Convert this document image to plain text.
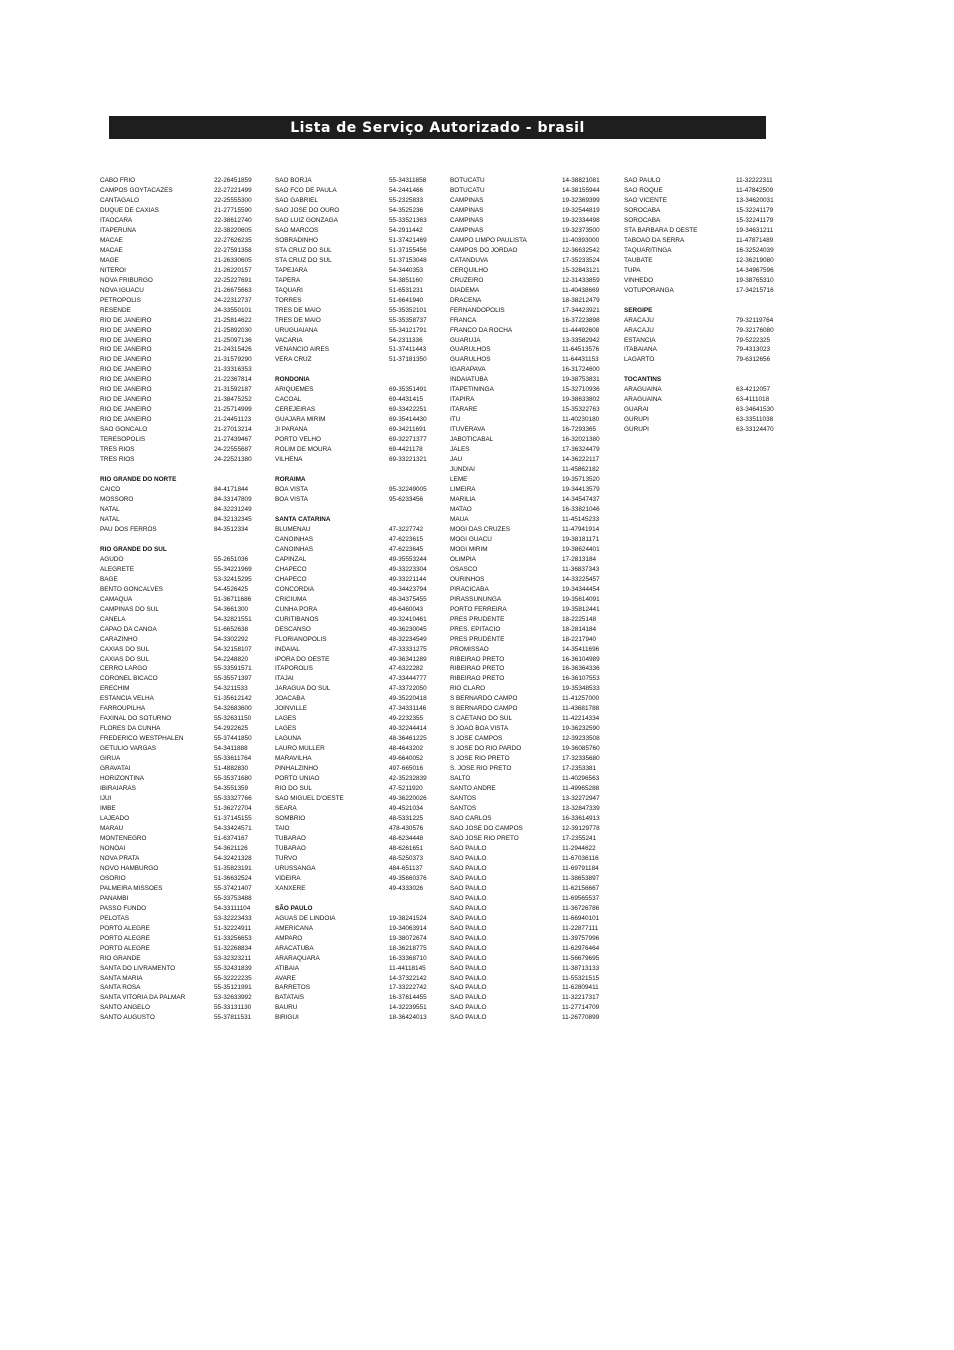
Lista de Serviço Autorizado - brasil
CABO FRIO	22-26451859
CAMPOS GOYTACAZES	22-27221499
CANTAGALO	22-25555300
DUQUE DE CAXIAS	21-27715590
ITAOCARA	22-38612740
ITAPERUNA	22-38220605
MACAE	22-27626235
MACAE	22-27591358
MAGE	21-26330605
NITEROI	21-26220157
NOVA FRIBURGO	22-25227691
NOVA IGUACU	21-26675663
PETROPOLIS	24-22312737
RESENDE	24-33550101
RIO DE JANEIRO	21-25814622
RIO DE JANEIRO	21-25892030
RIO DE JANEIRO	21-25097136
RIO DE JANEIRO	21-24315426
RIO DE JANEIRO	21-31579290
RIO DE JANEIRO	21-33316353
RIO DE JANEIRO	21-22367814
RIO DE JANEIRO	21-31592187
RIO DE JANEIRO	21-38475252
RIO DE JANEIRO	21-25714999
RIO DE JANEIRO	21-24451123
SAO GONCALO	21-27013214
TERESOPOLIS	21-27439467
TRES RIOS	24-22555687
TRES RIOS	24-22521380
RIO GRANDE DO NORTE
CAICO	84-4171844
MOSSORO	84-33147809
NATAL	84-32231249
NATAL	84-32132345
PAU DOS FERROS	84-3512334
RIO GRANDE DO SUL
AGUDO	55-2651036
ALEGRETE	55-34221969
BAGE	53-32415295
BENTO GONCALVES	54-4526425
CAMAQUA	51-36711686
CAMPINAS DO SUL	54-3661300
CANELA	54-32821551
CAPAO DA CANOA	51-6652638
CARAZINHO	54-3302292
CAXIAS DO SUL	54-32158107
CAXIAS DO SUL	54-2248820
CERRO LARGO	55-33591571
CORONEL BICACO	55-35571397
ERECHIM	54-3211533
ESTANCIA VELHA	51-35612142
FARROUPILHA	54-32683600
FAXINAL DO SOTURNO	55-32631150
FLORES DA CUNHA	54-2922625
FREDERICO WESTPHALEN	55-37441850
GETULIO VARGAS	54-3411888
GIRUA	55-33611764
GRAVATAI	51-4882830
HORIZONTINA	55-35371680
IBIRAIARAS	54-3551359
IJUI	55-33327766
IMBE	51-36272704
LAJEADO	51-37145155
MARAU	54-33424571
MONTENEGRO	51-6374167
NONOAI	54-3621126
NOVA PRATA	54-32421328
NOVO HAMBURGO	51-35823191
OSORIO	51-36632524
PALMEIRA MISSOES	55-37421407
PANAMBI	55-33753488
PASSO FUNDO	54-33111104
PELOTAS	53-32223433
PORTO ALEGRE	51-32224911
PORTO ALEGRE	51-33256653
PORTO ALEGRE	51-32268834
RIO GRANDE	53-32323211
SANTA DO LIVRAMENTO	55-32431839
SANTA MARIA	55-32222235
SANTA ROSA	55-35121991
SANTA VITORIA DA PALMAR	53-32633992
SANTO ANGELO	55-33131130
SANTO AUGUSTO	55-37811531
SAO BORJA	55-34311858
SAO FCO DE PAULA	54-2441466
SAO GABRIEL	55-2325833
SAO JOSE DO OURO	54-3525236
SAO LUIZ GONZAGA	55-33521363
SAO MARCOS	54-2911442
SOBRADINHO	51-37421469
STA CRUZ DO SUL	51-37155456
STA CRUZ DO SUL	51-37153048
TAPEJARA	54-3440353
TAPERA	54-3851160
TAQUARI	51-6531231
TORRES	51-6641940
TRES DE MAIO	55-35352101
TRES DE MAIO	55-35358737
URUGUAIANA	55-34121791
VACARIA	54-2311336
VENANCIO AIRES	51-37411443
VERA CRUZ	51-37181350
RONDONIA
ARIQUEMES	69-35351491
CACOAL	69-4431415
CEREJEIRAS	69-33422251
GUAJARA MIRIM	69-35414430
JI PARANA	69-34211691
PORTO VELHO	69-32271377
ROLIM DE MOURA	69-4421178
VILHENA	69-33221321
RORAIMA
BOA VISTA	95-32249005
BOA VISTA	95-6233456
SANTA CATARINA
BLUMENAU	47-3227742
CANOINHAS	47-6223615
CANOINHAS	47-6223645
CAPINZAL	49-35553244
CHAPECO	49-33223304
CHAPECO	49-33221144
CONCORDIA	49-34423794
CRICIUMA	48-34375455
CUNHA PORA	49-6460043
CURITIBANOS	49-32410461
DESCANSO	49-36230045
FLORIANOPOLIS	48-32234549
INDAIAL	47-33331275
IPORA DO OESTE	49-36341289
ITAPOROLIS	47-6322282
ITAJAI	47-33444777
JARAGUA DO SUL	47-33722050
JOACABA	49-35220418
JOINVILLE	47-34331146
LAGES	49-2232355
LAGES	49-32244414
LAGUNA	48-36461225
LAURO MULLER	48-4643202
MARAVILHA	49-6640052
PINHALZINHO	497-665016
PORTO UNIAO	42-35232839
RIO DO SUL	47-5211920
SAO MIGUEL D'OESTE	49-36220026
SEARA	49-4521034
SOMBRIO	48-5331225
TAIO	478-430576
TUBARAO	48-6234448
TUBARAO	48-6261651
TURVO	48-5250373
URUSSANGA	484-651137
VIDEIRA	49-35660376
XANXERE	49-4333026
SÃO PAULO
AGUAS DE LINDOIA	19-38241524
AMERICANA	19-34063914
AMPARO	19-38072674
ARACATUBA	18-36218775
ARARAQUARA	16-33368710
ATIBAIA	11-44118145
AVARE	14-37322142
BARRETOS	17-33222742
BATATAIS	16-37614455
BAURU	14-32239551
BIRIGUI	18-36424013
BOTUCATU	14-38821081
BOTUCATU	14-38155944
CAMPINAS	19-32369399
CAMPINAS	19-32544819
CAMPINAS	19-32334498
CAMPINAS	19-32373500
CAMPO LIMPO PAULISTA	11-40393000
CAMPOS DO JORDAO	12-36632542
CATANDUVA	17-35233524
CERQUILHO	15-32843121
CRUZEIRO	12-31433859
DIADEMA	11-40438669
DRACENA	18-38212479
FERNANDOPOLIS	17-34423921
FRANCA	16-37223898
FRANCO DA ROCHA	11-44492608
GUARUJA	13-33582942
GUARULHOS	11-64513576
GUARULHOS	11-64431153
IGARAPAVA	16-31724600
INDAIATUBA	19-38753831
ITAPETININGA	15-32710936
ITAPIRA	19-38633802
ITARARE	15-35322763
ITU	11-40230180
ITUVERAVA	16-7293365
JABOTICABAL	16-32021380
JALES	17-36324479
JAU	14-36222117
JUNDIAI	11-45862182
LEME	19-35713520
LIMEIRA	19-34413579
MARILIA	14-34547437
MATAO	16-33821046
MAUA	11-45145233
MOGI DAS CRUZES	11-47941914
MOGI GUACU	19-38181171
MOGI MIRIM	19-38624401
OLIMPIA	17-2813184
OSASCO	11-36837343
OURINHOS	14-33225457
PIRACICABA	19-34344454
PIRASSUNUNGA	19-35614091
PORTO FERREIRA	19-35812441
PRES PRUDENTE	18-2225148
PRES. EPITACIO	18-2814184
PRES PRUDENTE	18-2217940
PROMISSAO	14-35411696
RIBEIRAO PRETO	16-36104989
RIBEIRAO PRETO	16-36364336
RIBEIRAO PRETO	16-36107553
RIO CLARO	19-35348533
S BERNARDO CAMPO	11-41257000
S BERNARDO CAMPO	11-43681788
S CAETANO DO SUL	11-42214334
S JOAO BOA VISTA	19-36232590
S JOSE CAMPOS	12-39233508
S JOSE DO RIO PARDO	19-36085760
S JOSE RIO PRETO	17-32335680
S. JOSE RIO PRETO	17-2353381
SALTO	11-40296563
SANTO ANDRE	11-49965288
SANTOS	13-32272947
SANTOS	13-32847339
SAO CARLOS	16-33614913
SAO JOSE DO CAMPOS	12-39129778
SAO JOSE RIO PRETO	17-2355241
SAO PAULO	11-2944622
SAO PAULO	11-67036116
SAO PAULO	11-69791184
SAO PAULO	11-38653897
SAO PAULO	11-62156667
SAO PAULO	11-69565537
SAO PAULO	11-36726786
SAO PAULO	11-66940101
SAO PAULO	11-22877111
SAO PAULO	11-39757996
SAO PAULO	11-62976464
SAO PAULO	11-56679695
SAO PAULO	11-38713133
SAO PAULO	11-55321515
SAO PAULO	11-62809411
SAO PAULO	11-32217317
SAO PAULO	11-27714709
SAO PAULO	11-26770899
SAO PAULO	11-32222311
SAO ROQUE	11-47842509
SAO VICENTE	13-34620031
SOROCABA	15-32241179
SOROCABA	15-32241179
STA BARBARA D OESTE	19-34631211
TABOAO DA SERRA	11-47871489
TAQUARITINGA	16-32524039
TAUBATE	12-36219080
TUPA	14-34967596
VINHEDO	19-38765310
VOTUPORANGA	17-34215716
SERGIPE
ARACAJU	79-32119764
ARACAJU	79-32176080
ESTANCIA	79-5222325
ITABAIANA	79-4313023
LAGARTO	79-6312656
TOCANTINS
ARAGUAINA	63-4212057
ARAGUAINA	63-4111018
GUARAI	63-34641530
GURUPI	63-33511038
GURUPI	63-33124470
